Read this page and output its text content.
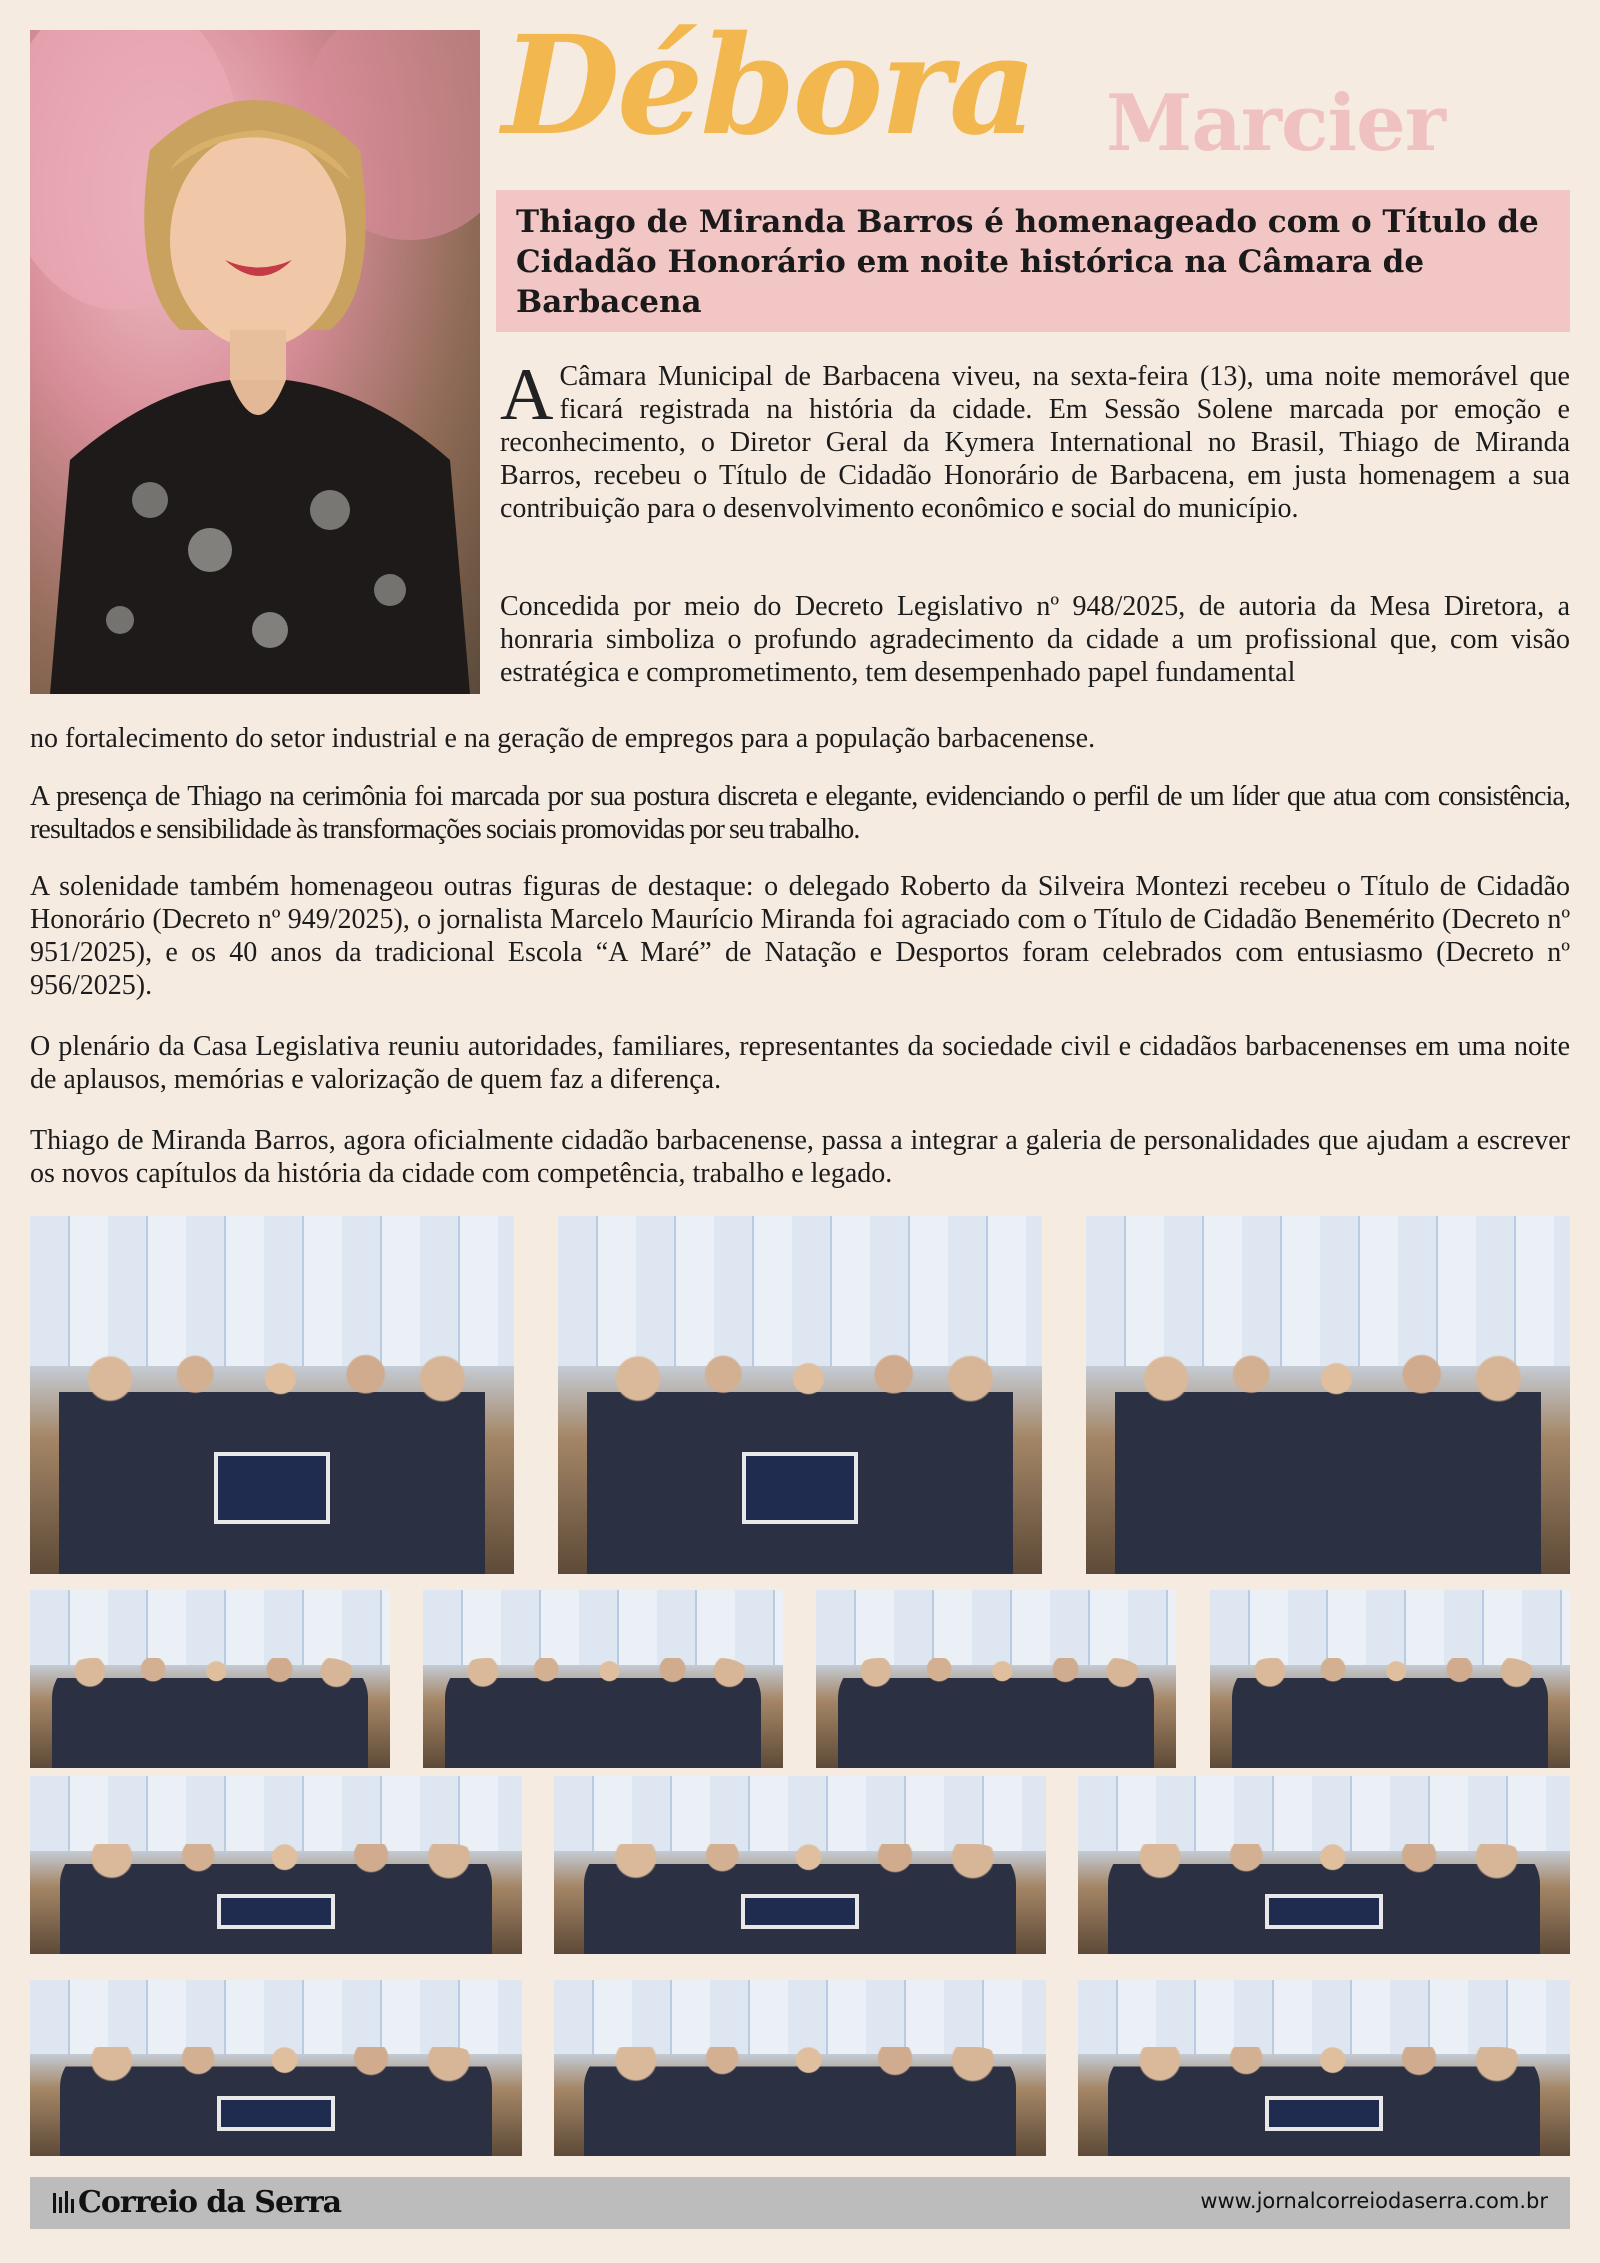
Débora Marcier
Thiago de Miranda Barros é homenageado com o Título de Cidadão Honorário em noite histórica na Câmara de Barbacena
A Câmara Municipal de Barbacena viveu, na sexta-feira (13), uma noite memorável que ficará registrada na história da cidade. Em Sessão Solene marcada por emoção e reconhecimento, o Diretor Geral da Kymera International no Brasil, Thiago de Miranda Barros, recebeu o Título de Cidadão Honorário de Barbacena, em justa homenagem a sua contribuição para o desenvolvimento econômico e social do município.
Concedida por meio do Decreto Legislativo nº 948/2025, de autoria da Mesa Diretora, a honraria simboliza o profundo agradecimento da cidade a um profissional que, com visão estratégica e comprometimento, tem desempenhado papel fundamental
no fortalecimento do setor industrial e na geração de empregos para a população barbacenense.
A presença de Thiago na cerimônia foi marcada por sua postura discreta e elegante, evidenciando o perfil de um líder que atua com consistência, resultados e sensibilidade às transformações sociais promovidas por seu trabalho.
A solenidade também homenageou outras figuras de destaque: o delegado Roberto da Silveira Montezi recebeu o Título de Cidadão Honorário (Decreto nº 949/2025), o jornalista Marcelo Maurício Miranda foi agraciado com o Título de Cidadão Benemérito (Decreto nº 951/2025), e os 40 anos da tradicional Escola “A Maré” de Natação e Desportos foram celebrados com entusiasmo (Decreto nº 956/2025).
O plenário da Casa Legislativa reuniu autoridades, familiares, representantes da sociedade civil e cidadãos barbacenenses em uma noite de aplausos, memórias e valorização de quem faz a diferença.
Thiago de Miranda Barros, agora oficialmente cidadão barbacenense, passa a integrar a galeria de personalidades que ajudam a escrever os novos capítulos da história da cidade com competência, trabalho e legado.
Correio da Serra	www.jornalcorreiodaserra.com.br
